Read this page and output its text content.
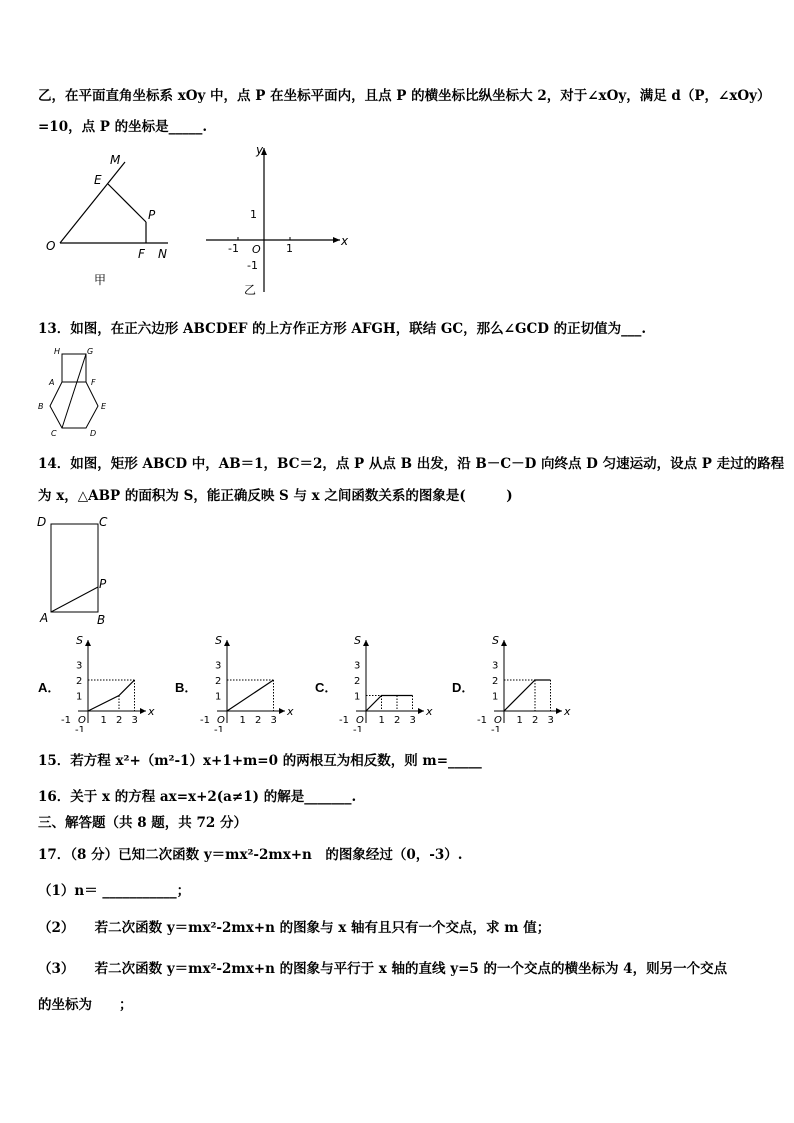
乙，在平面直角坐标系 xOy 中，点 P 在坐标平面内，且点 P 的横坐标比纵坐标大 2，对于∠xOy，满足 d（P，∠xOy）
=10，点 P 的坐标是_____.
O
E
M
P
F N
甲
y
x
O 1
-1
1
-1
乙
13．如图，在正六边形 ABCDEF 的上方作正方形 AFGH，联结 GC，那么∠GCD 的正切值为___.
H	G
A	F
B	E
C	D
14．如图，矩形 ABCD 中，AB＝1，BC＝2，点 P 从点 B 出发，沿 B－C－D 向终点 D 匀速运动，设点 P 走过的路程
为 x，△ABP 的面积为 S，能正确反映 S 与 x 之间函数关系的图象是(　　　)
D	C
P
A	B
A．	B．	C．	D．
S
x
O
-1
-1
1 2 3
1
2
3
S
x
O
-1
-1
1 2 3
1
2
3
S
x
O
-1
-1
1 2 3
1
2
3
S
x
O
-1
-1
1 2 3
1
2
3
15．若方程 x²+（m²-1）x+1+m=0 的两根互为相反数，则 m=_____
16．关于 x 的方程 ax=x+2(a≠1) 的解是_______.
三、解答题（共 8 题，共 72 分）
17．（8 分）已知二次函数 y＝mx²-2mx+n　的图象经过（0，-3）.
（1）n＝ ___________；
（2）　　若二次函数 y＝mx²-2mx+n 的图象与 x 轴有且只有一个交点，求 m 值；
（3）　　若二次函数 y＝mx²-2mx+n 的图象与平行于 x 轴的直线 y=5 的一个交点的横坐标为 4，则另一个交点
的坐标为　　；
